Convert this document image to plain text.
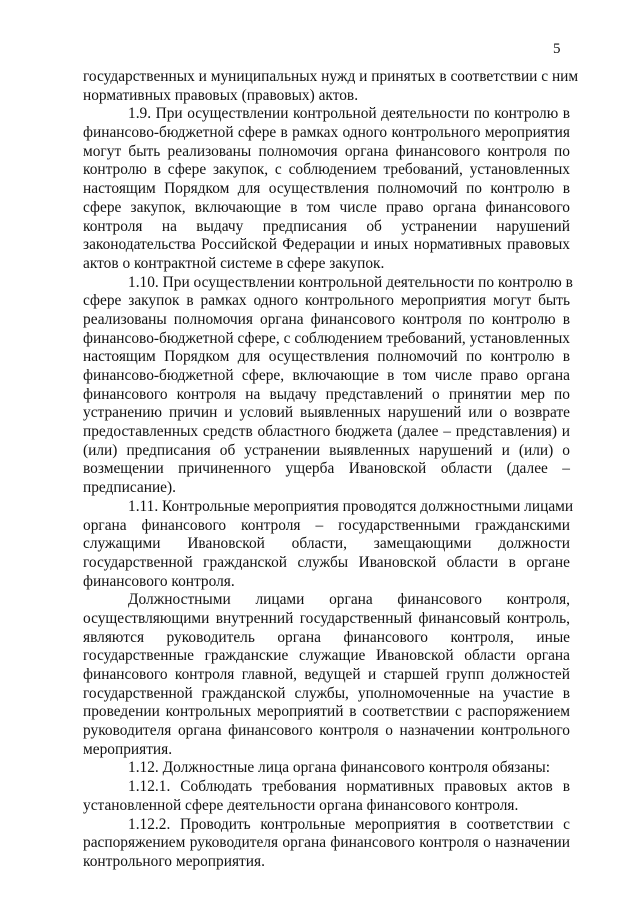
5
государственных и муниципальных нужд и принятых в соответствии с ним
нормативных правовых (правовых) актов.
1.9. При осуществлении контрольной деятельности по контролю в
финансово-бюджетной сфере в рамках одного контрольного мероприятия
могут быть реализованы полномочия органа финансового контроля по
контролю в сфере закупок, с соблюдением требований, установленных
настоящим Порядком для осуществления полномочий по контролю в
сфере закупок, включающие в том числе право органа финансового
контроля на выдачу предписания об устранении нарушений
законодательства Российской Федерации и иных нормативных правовых
актов о контрактной системе в сфере закупок.
1.10. При осуществлении контрольной деятельности по контролю в
сфере закупок в рамках одного контрольного мероприятия могут быть
реализованы полномочия органа финансового контроля по контролю в
финансово-бюджетной сфере, с соблюдением требований, установленных
настоящим Порядком для осуществления полномочий по контролю в
финансово-бюджетной сфере, включающие в том числе право органа
финансового контроля на выдачу представлений о принятии мер по
устранению причин и условий выявленных нарушений или о возврате
предоставленных средств областного бюджета (далее – представления) и
(или) предписания об устранении выявленных нарушений и (или) о
возмещении причиненного ущерба Ивановской области (далее –
предписание).
1.11. Контрольные мероприятия проводятся должностными лицами
органа финансового контроля – государственными гражданскими
служащими Ивановской области, замещающими должности
государственной гражданской службы Ивановской области в органе
финансового контроля.
Должностными лицами органа финансового контроля,
осуществляющими внутренний государственный финансовый контроль,
являются руководитель органа финансового контроля, иные
государственные гражданские служащие Ивановской области органа
финансового контроля главной, ведущей и старшей групп должностей
государственной гражданской службы, уполномоченные на участие в
проведении контрольных мероприятий в соответствии с распоряжением
руководителя органа финансового контроля о назначении контрольного
мероприятия.
1.12. Должностные лица органа финансового контроля обязаны:
1.12.1. Соблюдать требования нормативных правовых актов в
установленной сфере деятельности органа финансового контроля.
1.12.2. Проводить контрольные мероприятия в соответствии с
распоряжением руководителя органа финансового контроля о назначении
контрольного мероприятия.
